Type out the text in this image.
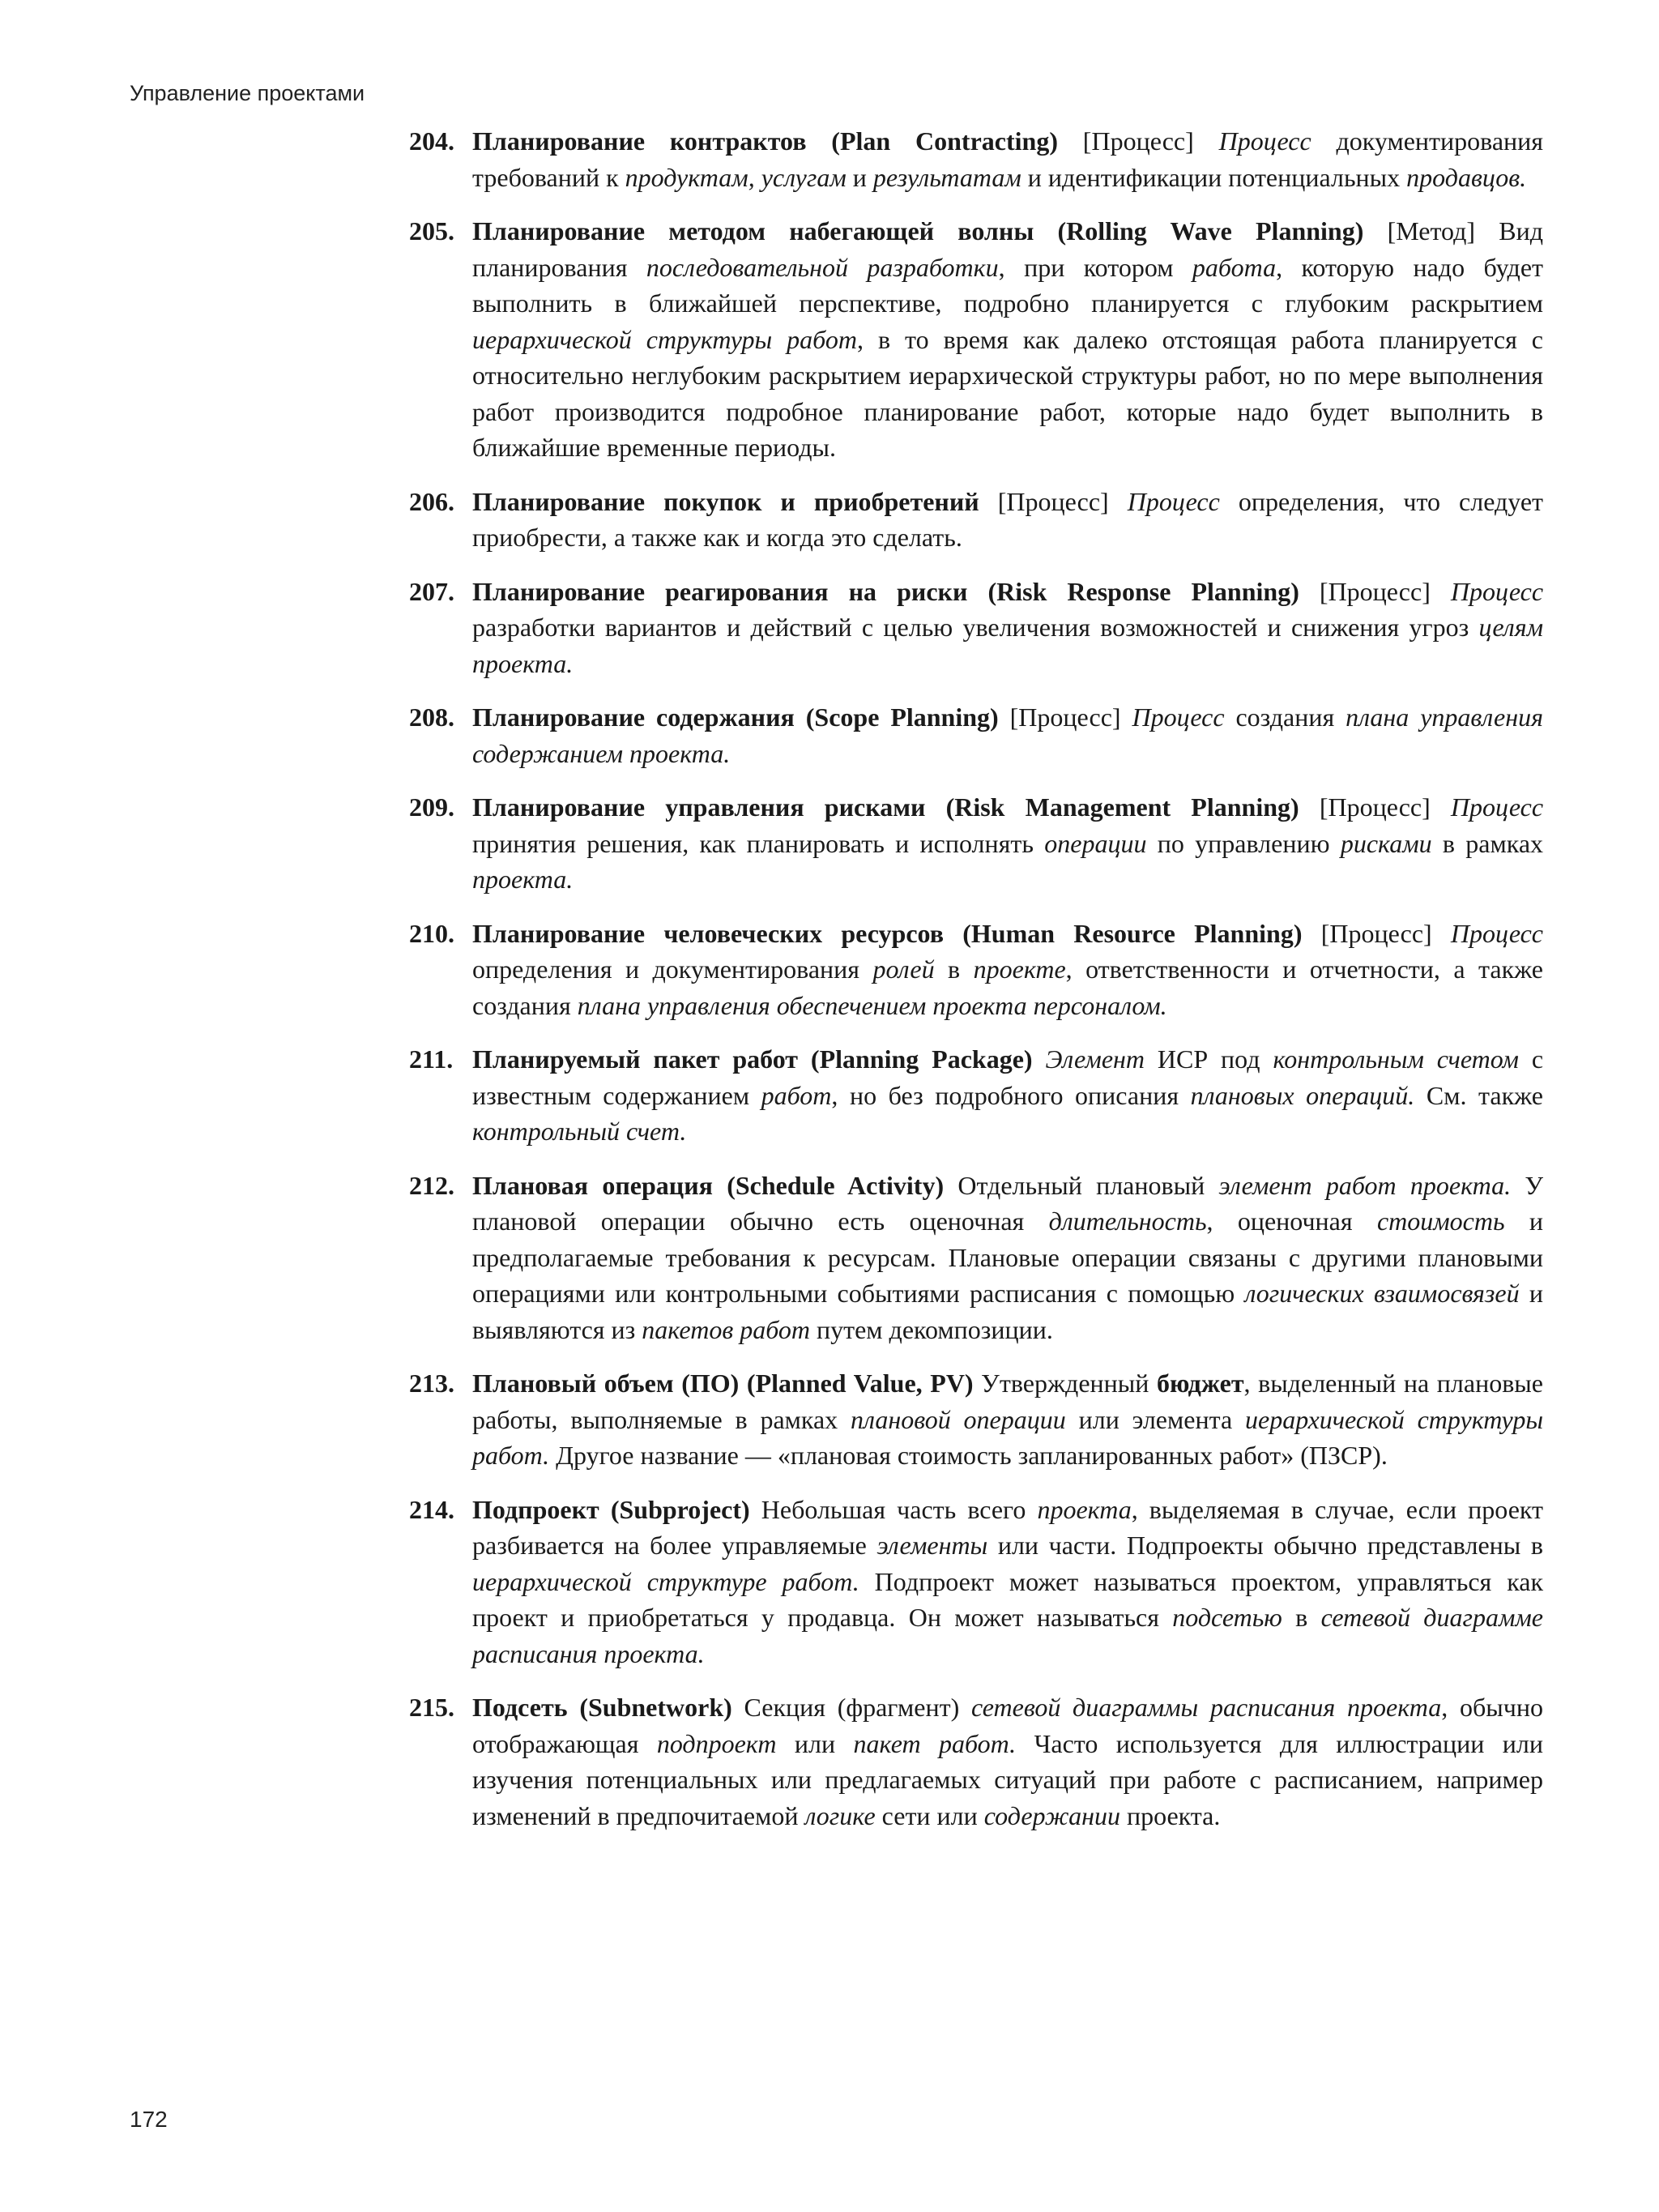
Управление проектами
204. Планирование контрактов (Plan Contracting) [Процесс] Процесс документирования требований к продуктам, услугам и результатам и идентификации потенциальных продавцов.
205. Планирование методом набегающей волны (Rolling Wave Planning) [Метод] Вид планирования последовательной разработки, при котором работа, которую надо будет выполнить в ближайшей перспективе, подробно планируется с глубоким раскрытием иерархической структуры работ, в то время как далеко отстоящая работа планируется с относительно неглубоким раскрытием иерархической структуры работ, но по мере выполнения работ производится подробное планирование работ, которые надо будет выполнить в ближайшие временные периоды.
206. Планирование покупок и приобретений [Процесс] Процесс определения, что следует приобрести, а также как и когда это сделать.
207. Планирование реагирования на риски (Risk Response Planning) [Процесс] Процесс разработки вариантов и действий с целью увеличения возможностей и снижения угроз целям проекта.
208. Планирование содержания (Scope Planning) [Процесс] Процесс создания плана управления содержанием проекта.
209. Планирование управления рисками (Risk Management Planning) [Процесс] Процесс принятия решения, как планировать и исполнять операции по управлению рисками в рамках проекта.
210. Планирование человеческих ресурсов (Human Resource Planning) [Процесс] Процесс определения и документирования ролей в проекте, ответственности и отчетности, а также создания плана управления обеспечением проекта персоналом.
211. Планируемый пакет работ (Planning Package) Элемент ИСР под контрольным счетом с известным содержанием работ, но без подробного описания плановых операций. См. также контрольный счет.
212. Плановая операция (Schedule Activity) Отдельный плановый элемент работ проекта. У плановой операции обычно есть оценочная длительность, оценочная стоимость и предполагаемые требования к ресурсам. Плановые операции связаны с другими плановыми операциями или контрольными событиями расписания с помощью логических взаимосвязей и выявляются из пакетов работ путем декомпозиции.
213. Плановый объем (ПО) (Planned Value, PV) Утвержденный бюджет, выделенный на плановые работы, выполняемые в рамках плановой операции или элемента иерархической структуры работ. Другое название — «плановая стоимость запланированных работ» (ПЗСР).
214. Подпроект (Subproject) Небольшая часть всего проекта, выделяемая в случае, если проект разбивается на более управляемые элементы или части. Подпроекты обычно представлены в иерархической структуре работ. Подпроект может называться проектом, управляться как проект и приобретаться у продавца. Он может называться подсетью в сетевой диаграмме расписания проекта.
215. Подсеть (Subnetwork) Секция (фрагмент) сетевой диаграммы расписания проекта, обычно отображающая подпроект или пакет работ. Часто используется для иллюстрации или изучения потенциальных или предлагаемых ситуаций при работе с расписанием, например изменений в предпочитаемой логике сети или содержании проекта.
172
